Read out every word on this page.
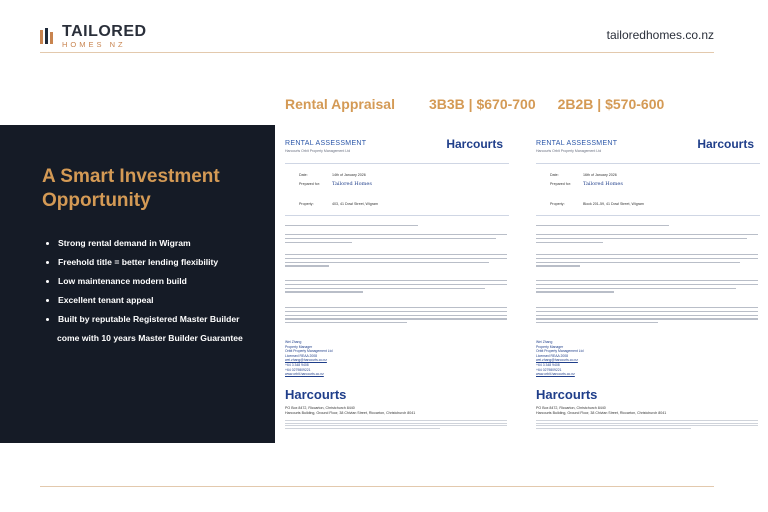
TAILORED
HOMES NZ
tailoredhomes.co.nz
Rental Appraisal 3B3B | $670-700 2B2B | $570-600
A Smart Investment Opportunity
Strong rental demand in Wigram
Freehold title = better lending flexibility
Low maintenance modern build
Excellent tenant appeal
Built by reputable Registered Master Builder
come with 10 years Master Builder Guarantee
RENTAL ASSESSMENT
Harcourts Orbit Property Management Ltd	Harcourts
Date:	14th of January 2026
Prepared for: Tailored Homes
Property:	403, 41 Dowl Street, Wigram
Wei Zhang
Property Manager
Orbit Property Management Ltd
Licensed REAA 2008
wei.zhang@harcourts.co.nz
+64 3 348 9408
+64 0279809221
www.orbit.harcourts.co.nz
Harcourts
PO Box 8472, Riccarton, Christchurch 8440
Harcourts Building, Ground Floor, 38 Chivian Street, Riccarton, Christchurch 8041
RENTAL ASSESSMENT
Harcourts Orbit Property Management Ltd	Harcourts
Date:	16th of January 2026
Prepared for: Tailored Homes
Property:	Block 201-59, 41 Dowl Street, Wigram
Wei Zhang
Property Manager
Orbit Property Management Ltd
Licensed REAA 2008
wei.zhang@harcourts.co.nz
+64 3 348 9408
+64 0279809221
www.orbit.harcourts.co.nz
Harcourts
PO Box 8472, Riccarton, Christchurch 8440
Harcourts Building, Ground Floor, 38 Chivian Street, Riccarton, Christchurch 8041
